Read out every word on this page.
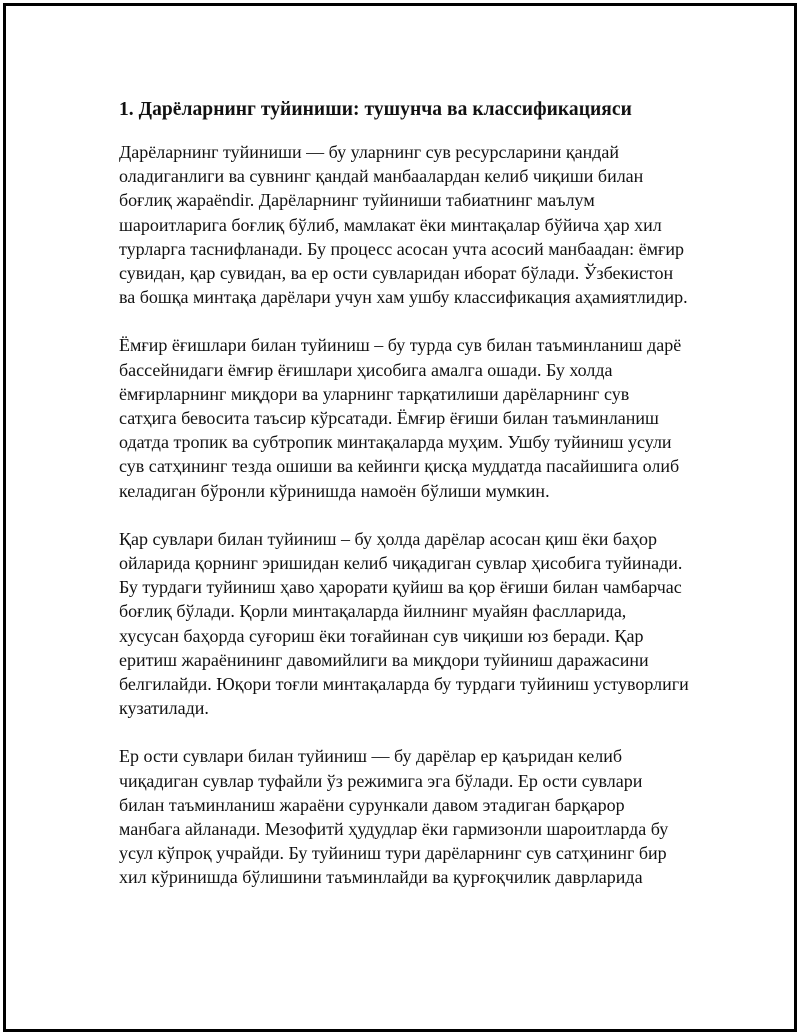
1. Дарёларнинг туйиниши: тушунча ва классификацияси

Дарёларнинг туйиниши — бу уларнинг сув ресурсларини қандай оладиганлиги ва сувнинг қандай манбаалардан келиб чиқиши билан боғлиқ жараёndir. Дарёларнинг туйиниши табиатнинг маълум шароитларига боғлиқ бўлиб, мамлакат ёки минтақалар бўйича ҳар хил турларга таснифланади. Бу процесс асосан учта асосий манбаадан: ёмғир сувидан, қар сувидан, ва ер ости сувларидан иборат бўлади. Ўзбекистон ва бошқа минтақа дарёлари учун хам ушбу классификация аҳамиятлидир.

Ёмғир ёғишлари билан туйиниш – бу турда сув билан таъминланиш дарё бассейнидаги ёмғир ёғишлари ҳисобига амалга ошади. Бу холда ёмғирларнинг миқдори ва уларнинг тарқатилиши дарёларнинг сув сатҳига бевосита таъсир кўрсатади. Ёмғир ёғиши билан таъминланиш одатда тропик ва субтропик минтақаларда муҳим. Ушбу туйиниш усули сув сатҳининг тезда ошиши ва кейинги қисқа муддатда пасайишига олиб келадиган бўронли кўринишда намоён бўлиши мумкин.

Қар сувлари билан туйиниш – бу ҳолда дарёлар асосан қиш ёки баҳор ойларида қорнинг эришидан келиб чиқадиган сувлар ҳисобига туйинади. Бу турдаги туйиниш ҳаво ҳарорати қуйиш ва қор ёғиши билан чамбарчас боғлиқ бўлади. Қорли минтақаларда йилнинг муайян фаслларида, хусусан баҳорда суғориш ёки тоғайинан сув чиқиши юз беради. Қар еритиш жараёнининг давомийлиги ва миқдори туйиниш даражасини белгилайди. Юқори тоғли минтақаларда бу турдаги туйиниш устуворлиги кузатилади.

Ер ости сувлари билан туйиниш — бу дарёлар ер қаъридан келиб чиқадиган сувлар туфайли ўз режимига эга бўлади. Ер ости сувлари билан таъминланиш жараёни сурункали давом этадиган барқарор манбага айланади. Мезофитй ҳудудлар ёки гармизонли шароитларда бу усул кўпроқ учрайди. Бу туйиниш тури дарёларнинг сув сатҳининг бир хил кўринишда бўлишини таъминлайди ва қурғоқчилик даврларида
